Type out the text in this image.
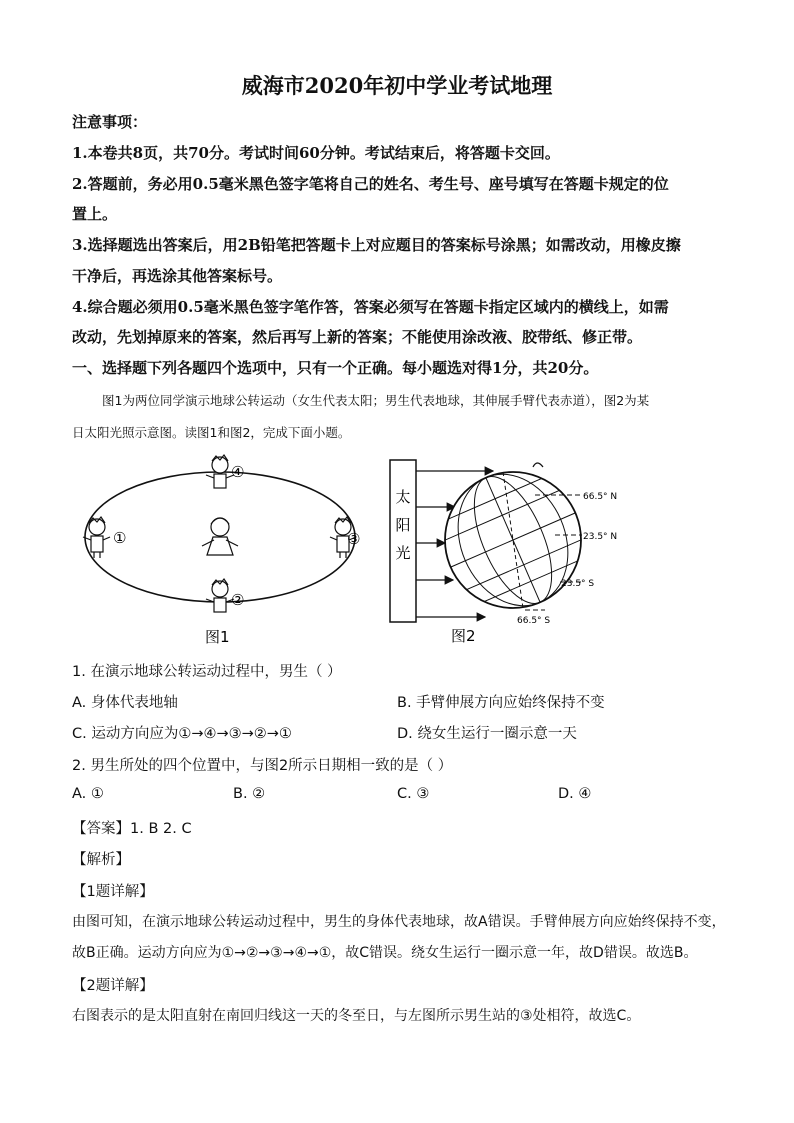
威海市2020年初中学业考试地理
注意事项：
1.本卷共8页，共70分。考试时间60分钟。考试结束后，将答题卡交回。
2.答题前，务必用0.5毫米黑色签字笔将自己的姓名、考生号、座号填写在答题卡规定的位
置上。
3.选择题选出答案后，用2B铅笔把答题卡上对应题目的答案标号涂黑；如需改动，用橡皮擦
干净后，再选涂其他答案标号。
4.综合题必须用0.5毫米黑色签字笔作答，答案必须写在答题卡指定区域内的横线上，如需
改动，先划掉原来的答案，然后再写上新的答案；不能使用涂改液、胶带纸、修正带。
一、选择题下列各题四个选项中，只有一个正确。每小题选对得1分，共20分。
图1为两位同学演示地球公转运动（女生代表太阳；男生代表地球，其伸展手臂代表赤道），图2为某
日太阳光照示意图。读图1和图2，完成下面小题。
①
②
③
④
图1
太
阳
光
66.5° N
23.5° N
23.5° S
66.5° S
图2
1. 在演示地球公转运动过程中，男生（ ）
A. 身体代表地轴	B. 手臂伸展方向应始终保持不变
C. 运动方向应为①→④→③→②→①	D. 绕女生运行一圈示意一天
2. 男生所处的四个位置中，与图2所示日期相一致的是（ ）
A. ①	B. ②	C. ③	D. ④
【答案】1. B 2. C
【解析】
【1题详解】
由图可知，在演示地球公转运动过程中，男生的身体代表地球，故A错误。手臂伸展方向应始终保持不变，
故B正确。运动方向应为①→②→③→④→①，故C错误。绕女生运行一圈示意一年，故D错误。故选B。
【2题详解】
右图表示的是太阳直射在南回归线这一天的冬至日，与左图所示男生站的③处相符，故选C。
